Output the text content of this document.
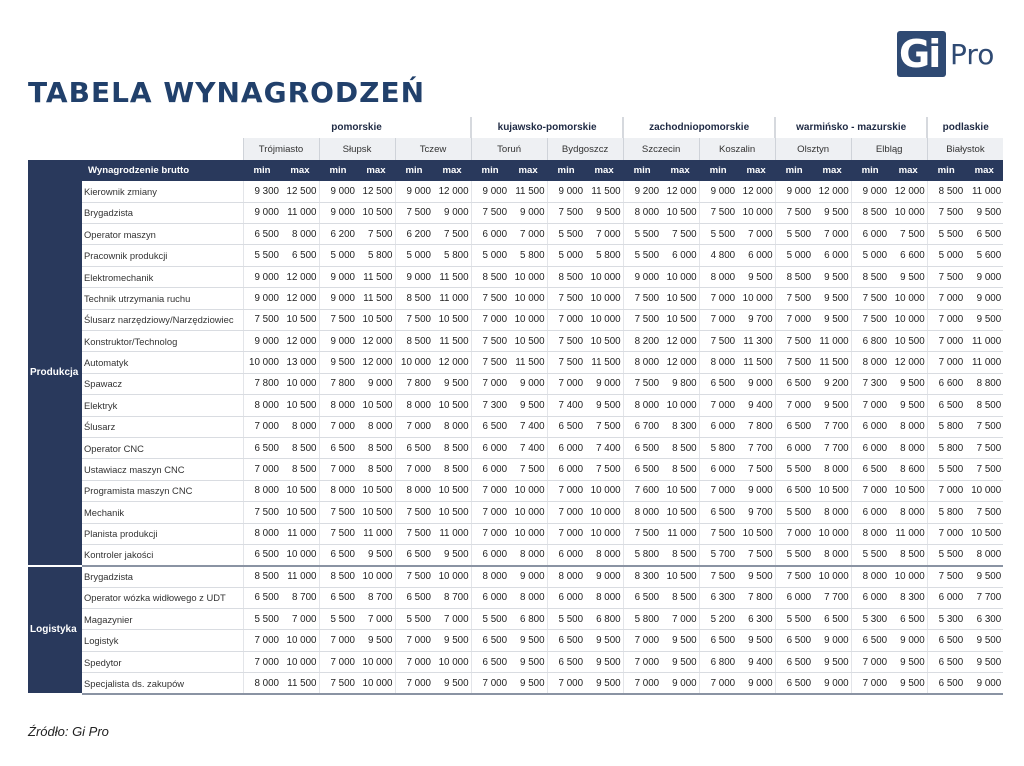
Gi Pro
TABELA WYNAGRODZEŃ
		pomorskie						kujawsko-pomorskie				zachodniopomorskie				warmińsko - mazurskie				podlaskie	
		Trójmiasto		Słupsk		Tczew		Toruń		Bydgoszcz		Szczecin		Koszalin		Olsztyn		Elbląg		Białystok	
	Wynagrodzenie brutto	min	max	min	max	min	max	min	max	min	max	min	max	min	max	min	max	min	max	min	max
Produkcja	Kierownik zmiany	9 300	12 500	9 000	12 500	9 000	12 000	9 000	11 500	9 000	11 500	9 200	12 000	9 000	12 000	9 000	12 000	9 000	12 000	8 500	11 000
	Brygadzista	9 000	11 000	9 000	10 500	7 500	9 000	7 500	9 000	7 500	9 500	8 000	10 500	7 500	10 000	7 500	9 500	8 500	10 000	7 500	9 500
	Operator maszyn	6 500	8 000	6 200	7 500	6 200	7 500	6 000	7 000	5 500	7 000	5 500	7 500	5 500	7 000	5 500	7 000	6 000	7 500	5 500	6 500
	Pracownik produkcji	5 500	6 500	5 000	5 800	5 000	5 800	5 000	5 800	5 000	5 800	5 500	6 000	4 800	6 000	5 000	6 000	5 000	6 600	5 000	5 600
	Elektromechanik	9 000	12 000	9 000	11 500	9 000	11 500	8 500	10 000	8 500	10 000	9 000	10 000	8 000	9 500	8 500	9 500	8 500	9 500	7 500	9 000
	Technik utrzymania ruchu	9 000	12 000	9 000	11 500	8 500	11 000	7 500	10 000	7 500	10 000	7 500	10 500	7 000	10 000	7 500	9 500	7 500	10 000	7 000	9 000
	Ślusarz narzędziowy/Narzędziowiec	7 500	10 500	7 500	10 500	7 500	10 500	7 000	10 000	7 000	10 000	7 500	10 500	7 000	9 700	7 000	9 500	7 500	10 000	7 000	9 500
	Konstruktor/Technolog	9 000	12 000	9 000	12 000	8 500	11 500	7 500	10 500	7 500	10 500	8 200	12 000	7 500	11 300	7 500	11 000	6 800	10 500	7 000	11 000
	Automatyk	10 000	13 000	9 500	12 000	10 000	12 000	7 500	11 500	7 500	11 500	8 000	12 000	8 000	11 500	7 500	11 500	8 000	12 000	7 000	11 000
	Spawacz	7 800	10 000	7 800	9 000	7 800	9 500	7 000	9 000	7 000	9 000	7 500	9 800	6 500	9 000	6 500	9 200	7 300	9 500	6 600	8 800
	Elektryk	8 000	10 500	8 000	10 500	8 000	10 500	7 300	9 500	7 400	9 500	8 000	10 000	7 000	9 400	7 000	9 500	7 000	9 500	6 500	8 500
	Ślusarz	7 000	8 000	7 000	8 000	7 000	8 000	6 500	7 400	6 500	7 500	6 700	8 300	6 000	7 800	6 500	7 700	6 000	8 000	5 800	7 500
	Operator CNC	6 500	8 500	6 500	8 500	6 500	8 500	6 000	7 400	6 000	7 400	6 500	8 500	5 800	7 700	6 000	7 700	6 000	8 000	5 800	7 500
	Ustawiacz maszyn CNC	7 000	8 500	7 000	8 500	7 000	8 500	6 000	7 500	6 000	7 500	6 500	8 500	6 000	7 500	5 500	8 000	6 500	8 600	5 500	7 500
	Programista maszyn CNC	8 000	10 500	8 000	10 500	8 000	10 500	7 000	10 000	7 000	10 000	7 600	10 500	7 000	9 000	6 500	10 500	7 000	10 500	7 000	10 000
	Mechanik	7 500	10 500	7 500	10 500	7 500	10 500	7 000	10 000	7 000	10 000	8 000	10 500	6 500	9 700	5 500	8 000	6 000	8 000	5 800	7 500
	Planista produkcji	8 000	11 000	7 500	11 000	7 500	11 000	7 000	10 000	7 000	10 000	7 500	11 000	7 500	10 500	7 000	10 000	8 000	11 000	7 000	10 500
	Kontroler jakości	6 500	10 000	6 500	9 500	6 500	9 500	6 000	8 000	6 000	8 000	5 800	8 500	5 700	7 500	5 500	8 000	5 500	8 500	5 500	8 000
Logistyka	Brygadzista	8 500	11 000	8 500	10 000	7 500	10 000	8 000	9 000	8 000	9 000	8 300	10 500	7 500	9 500	7 500	10 000	8 000	10 000	7 500	9 500
	Operator wózka widłowego z UDT	6 500	8 700	6 500	8 700	6 500	8 700	6 000	8 000	6 000	8 000	6 500	8 500	6 300	7 800	6 000	7 700	6 000	8 300	6 000	7 700
	Magazynier	5 500	7 000	5 500	7 000	5 500	7 000	5 500	6 800	5 500	6 800	5 800	7 000	5 200	6 300	5 500	6 500	5 300	6 500	5 300	6 300
	Logistyk	7 000	10 000	7 000	9 500	7 000	9 500	6 500	9 500	6 500	9 500	7 000	9 500	6 500	9 500	6 500	9 000	6 500	9 000	6 500	9 500
	Spedytor	7 000	10 000	7 000	10 000	7 000	10 000	6 500	9 500	6 500	9 500	7 000	9 500	6 800	9 400	6 500	9 500	7 000	9 500	6 500	9 500
	Specjalista ds. zakupów	8 000	11 500	7 500	10 000	7 000	9 500	7 000	9 500	7 000	9 500	7 000	9 000	7 000	9 000	6 500	9 000	7 000	9 500	6 500	9 000
Źródło: Gi Pro
